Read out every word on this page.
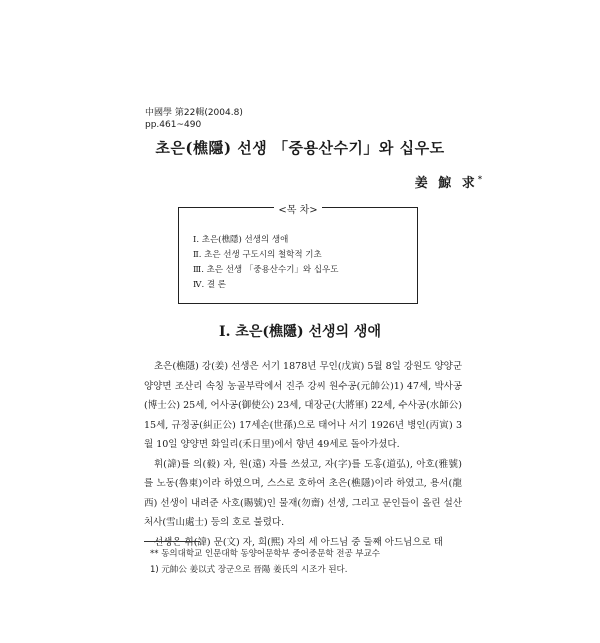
中國學 第22輯(2004.8)
pp.461~490
초은(樵隱) 선생 「중용산수기」와 십우도
姜 鯨 求*
<목 차>
Ⅰ. 초은(樵隱) 선생의 생애
Ⅱ. 초은 선생 구도시의 철학적 기초
Ⅲ. 초은 선생 「중용산수기」와 십우도
Ⅳ. 결 론
Ⅰ. 초은(樵隱) 선생의 생애

초은(樵隱) 강(姜) 선생은 서기 1878년 무인(戊寅) 5월 8일 강원도 양양군 양양면 조산리 속칭 농골부락에서 진주 강씨 원수공(元帥公)1) 47세, 박사공(博士公) 25세, 어사공(御使公) 23세, 대장군(大將軍) 22세, 수사공(水師公) 15세, 규정공(糾正公) 17세손(世孫)으로 태어나 서기 1926년 병인(丙寅) 3월 10일 양양면 화일리(禾日里)에서 향년 49세로 돌아가셨다.

휘(諱)를 의(毅) 자, 원(遠) 자를 쓰셨고, 자(字)를 도홍(道弘), 아호(雅號)를 노동(魯東)이라 하였으며, 스스로 호하여 초은(樵隱)이라 하였고, 용서(龍西) 선생이 내려준 사호(賜號)인 물재(勿齋) 선생, 그리고 문인들이 올린 설산처사(雪山處士) 등의 호로 불렸다.

선생은 휘(諱) 문(文) 자, 희(熙) 자의 세 아드님 중 둘째 아드님으로 태

** 동의대학교 인문대학 동양어문학부 중어중문학 전공 부교수
1) 元帥公 姜以式 장군으로 晉陽 姜氏의 시조가 된다.
